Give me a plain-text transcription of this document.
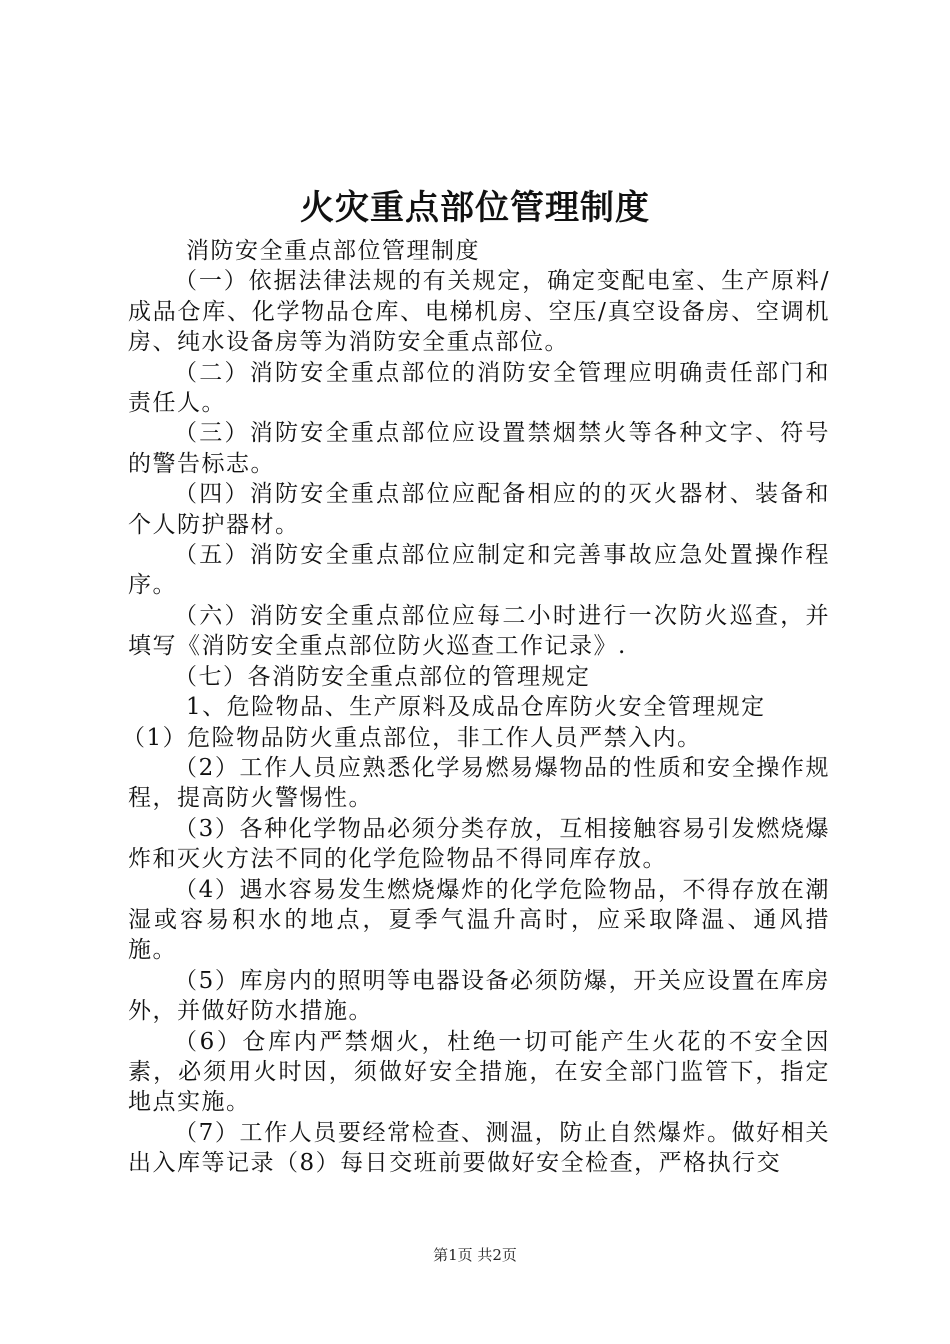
火灾重点部位管理制度

消防安全重点部位管理制度

（一）依据法律法规的有关规定，确定变配电室、生产原料/成品仓库、化学物品仓库、电梯机房、空压/真空设备房、空调机房、纯水设备房等为消防安全重点部位。

（二）消防安全重点部位的消防安全管理应明确责任部门和责任人。

（三）消防安全重点部位应设置禁烟禁火等各种文字、符号的警告标志。

（四）消防安全重点部位应配备相应的的灭火器材、装备和个人防护器材。

（五）消防安全重点部位应制定和完善事故应急处置操作程序。

（六）消防安全重点部位应每二小时进行一次防火巡查，并填写《消防安全重点部位防火巡查工作记录》.

（七）各消防安全重点部位的管理规定

1、危险物品、生产原料及成品仓库防火安全管理规定

（1）危险物品防火重点部位，非工作人员严禁入内。

（2）工作人员应熟悉化学易燃易爆物品的性质和安全操作规程，提高防火警惕性。

（3）各种化学物品必须分类存放，互相接触容易引发燃烧爆炸和灭火方法不同的化学危险物品不得同库存放。

（4）遇水容易发生燃烧爆炸的化学危险物品，不得存放在潮湿或容易积水的地点，夏季气温升高时，应采取降温、通风措施。

（5）库房内的照明等电器设备必须防爆，开关应设置在库房外，并做好防水措施。

（6）仓库内严禁烟火，杜绝一切可能产生火花的不安全因素，必须用火时因，须做好安全措施，在安全部门监管下，指定地点实施。

（7）工作人员要经常检查、测温，防止自然爆炸。做好相关出入库等记录（8）每日交班前要做好安全检查，严格执行交

第1页 共2页
